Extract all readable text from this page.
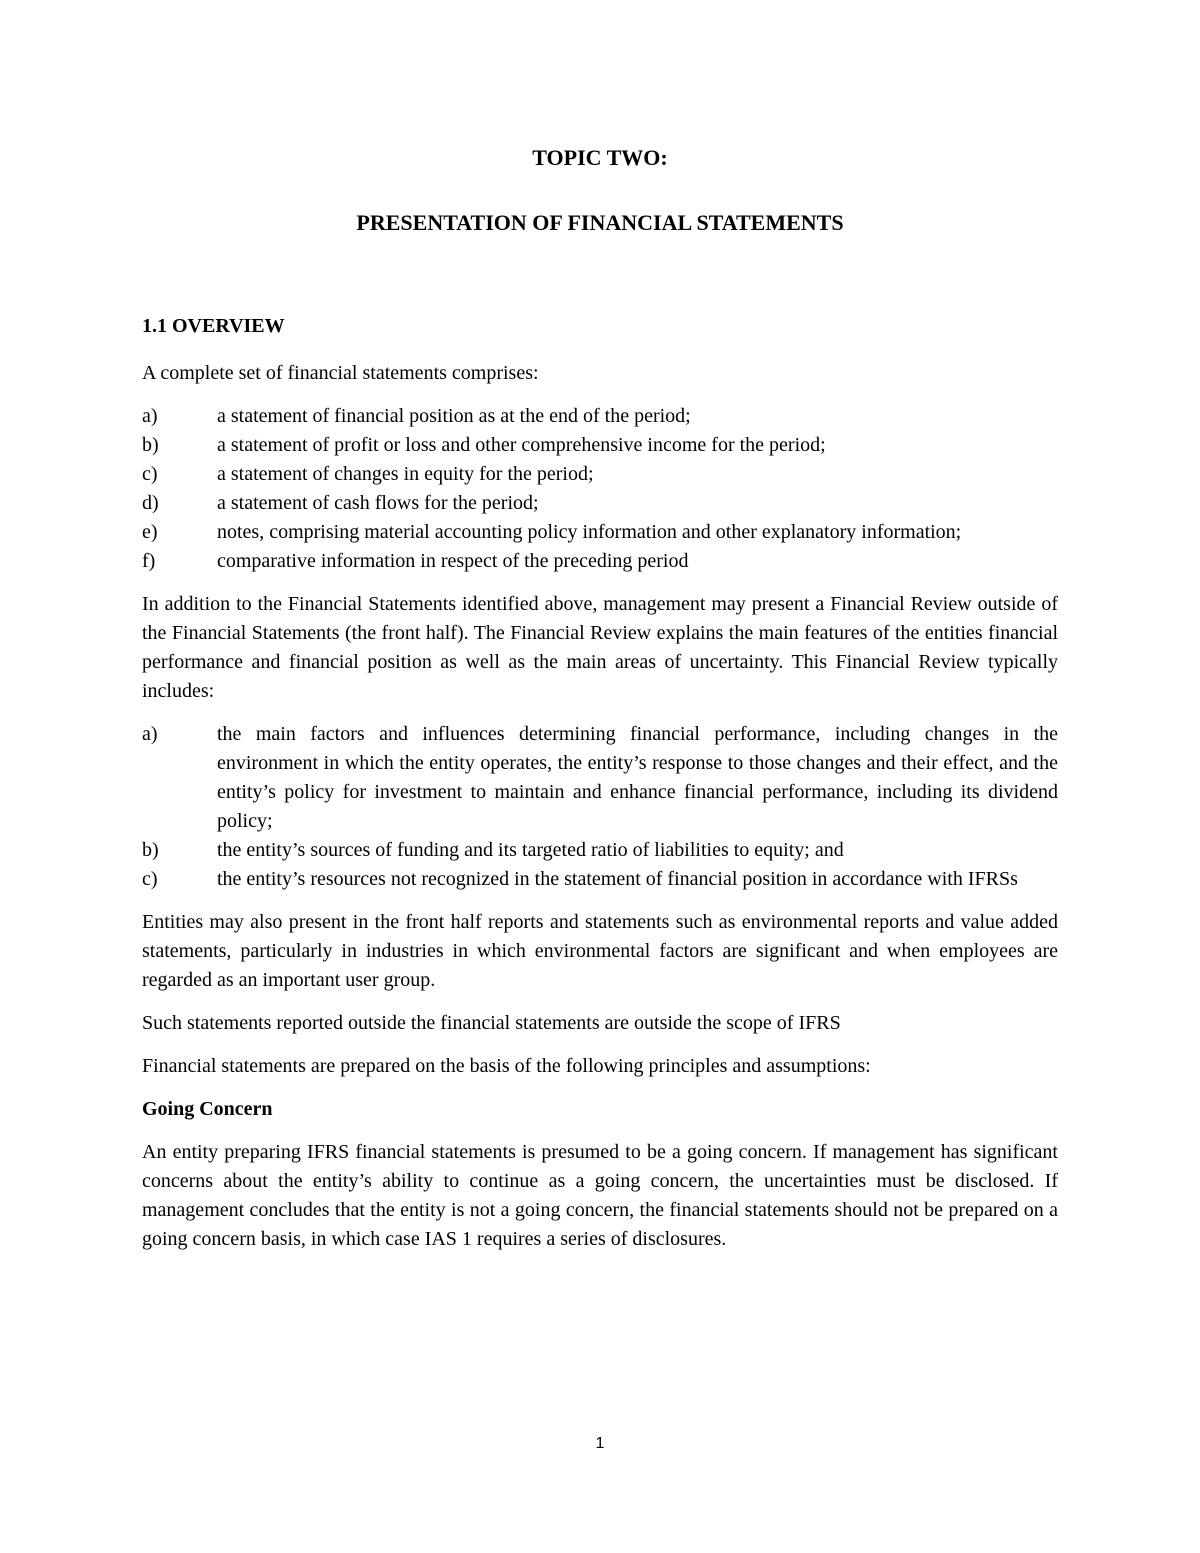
TOPIC TWO:
PRESENTATION OF FINANCIAL STATEMENTS
1.1 OVERVIEW

A complete set of financial statements comprises:

a)	a statement of financial position as at the end of the period;
b)	a statement of profit or loss and other comprehensive income for the period;
c)	a statement of changes in equity for the period;
d)	a statement of cash flows for the period;
e)	notes, comprising material accounting policy information and other explanatory information;
f)	comparative information in respect of the preceding period

In addition to the Financial Statements identified above, management may present a Financial Review outside of the Financial Statements (the front half). The Financial Review explains the main features of the entities financial performance and financial position as well as the main areas of uncertainty. This Financial Review typically includes:

a)	the main factors and influences determining financial performance, including changes in the environment in which the entity operates, the entity’s response to those changes and their effect, and the entity’s policy for investment to maintain and enhance financial performance, including its dividend policy;
b)	the entity’s sources of funding and its targeted ratio of liabilities to equity; and
c)	the entity’s resources not recognized in the statement of financial position in accordance with IFRSs

Entities may also present in the front half reports and statements such as environmental reports and value added statements, particularly in industries in which environmental factors are significant and when employees are regarded as an important user group.

Such statements reported outside the financial statements are outside the scope of IFRS

Financial statements are prepared on the basis of the following principles and assumptions:

Going Concern

An entity preparing IFRS financial statements is presumed to be a going concern. If management has significant concerns about the entity’s ability to continue as a going concern, the uncertainties must be disclosed. If management concludes that the entity is not a going concern, the financial statements should not be prepared on a going concern basis, in which case IAS 1 requires a series of disclosures.

1
